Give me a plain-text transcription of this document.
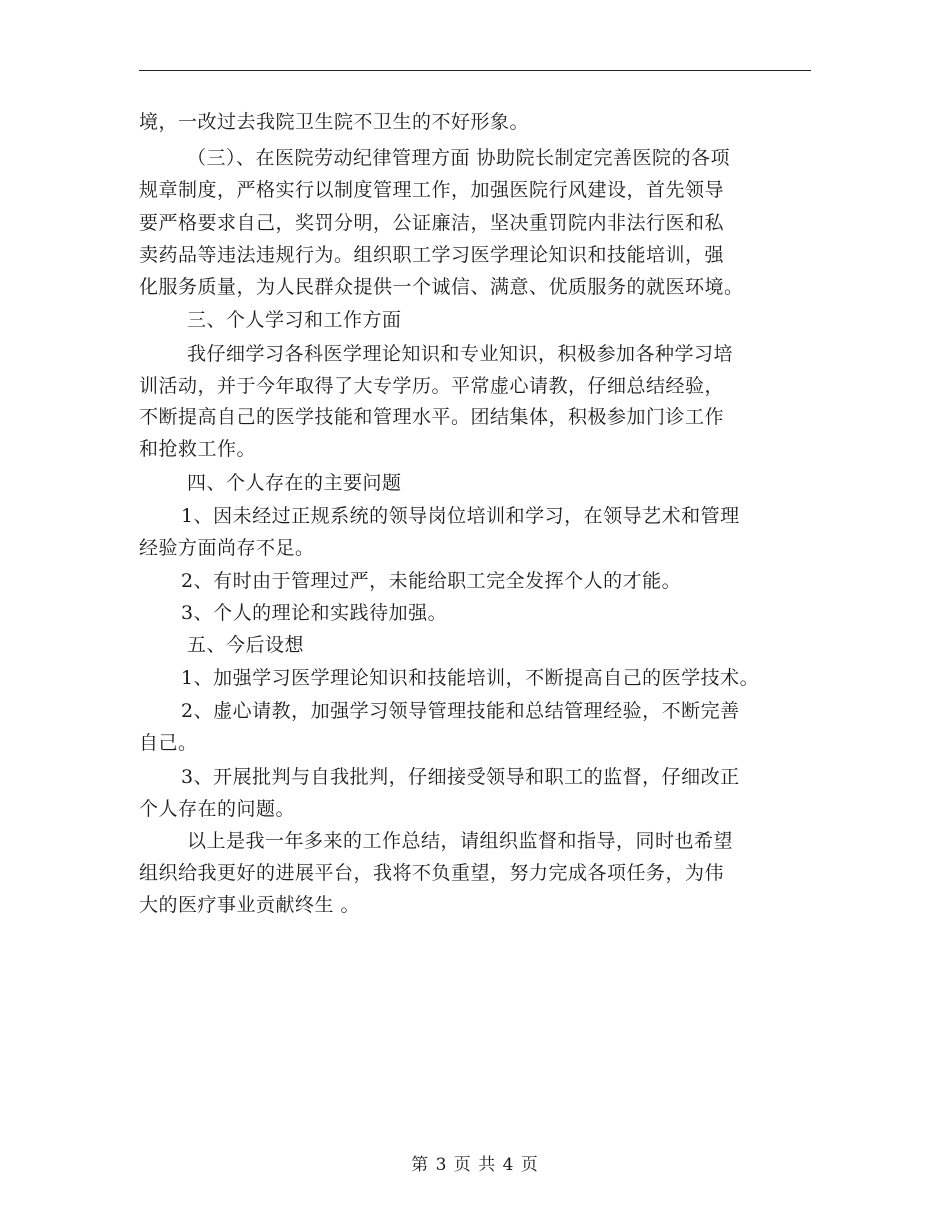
境，一改过去我院卫生院不卫生的不好形象。
（三）、在医院劳动纪律管理方面 协助院长制定完善医院的各项
规章制度，严格实行以制度管理工作，加强医院行风建设，首先领导
要严格要求自己，奖罚分明，公证廉洁，坚决重罚院内非法行医和私
卖药品等违法违规行为。组织职工学习医学理论知识和技能培训，强
化服务质量，为人民群众提供一个诚信、满意、优质服务的就医环境。
三、个人学习和工作方面
我仔细学习各科医学理论知识和专业知识，积极参加各种学习培
训活动，并于今年取得了大专学历。平常虚心请教，仔细总结经验，
不断提高自己的医学技能和管理水平。团结集体，积极参加门诊工作
和抢救工作。
四、个人存在的主要问题
1、因未经过正规系统的领导岗位培训和学习，在领导艺术和管理
经验方面尚存不足。
2、有时由于管理过严，未能给职工完全发挥个人的才能。
3、个人的理论和实践待加强。
五、今后设想
1、加强学习医学理论知识和技能培训，不断提高自己的医学技术。
2、虚心请教，加强学习领导管理技能和总结管理经验，不断完善
自己。
3、开展批判与自我批判，仔细接受领导和职工的监督，仔细改正
个人存在的问题。
以上是我一年多来的工作总结，请组织监督和指导，同时也希望
组织给我更好的进展平台，我将不负重望，努力完成各项任务，为伟
大的医疗事业贡献终生 。
第 3 页 共 4 页
